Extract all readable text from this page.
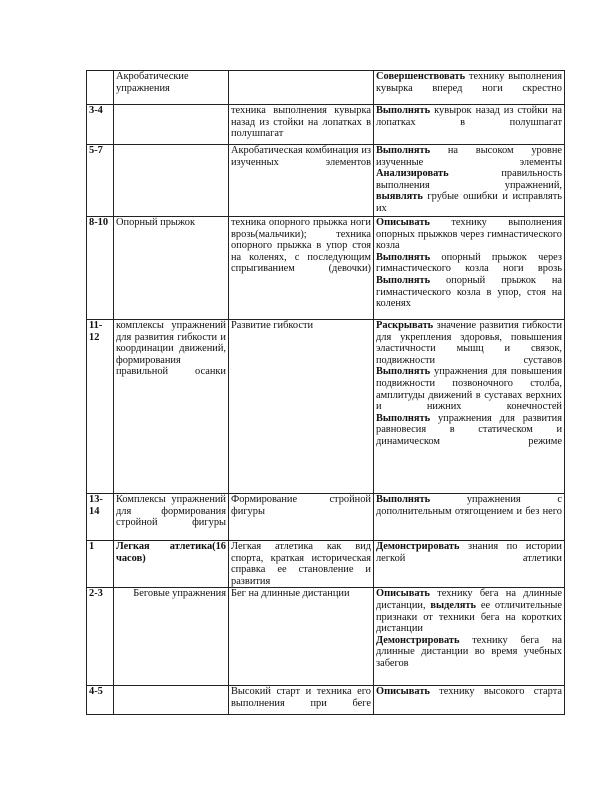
	Акробатические упражнения		Совершенствовать технику выполнения кувырка вперед ноги скрестно

3-4		техника выполнения кувырка назад из стойки на лопатках в полушпагат	Выполнять кувырок назад из стойки на лопатках в полушпагат

5-7		Акробатическая комбинация из изученных элементов	Выполнять на высоком уровне изученные элементы
Анализировать правильность выполнения упражнений,
выявлять грубые ошибки и исправлять их

8-10	Опорный прыжок	техника опорного прыжка ноги врозь(мальчики); техника опорного прыжка в упор стоя на коленях, с последующим спрыгиванием (девочки)	Описывать технику выполнения опорных прыжков через гимнастического козла
Выполнять опорный прыжок через гимнастического козла ноги врозь
Выполнять опорный прыжок на гимнастического козла в упор, стоя на коленях

11-12	комплексы упражнений для развития гибкости и координации движений, формирования правильной осанки	Развитие гибкости	Раскрывать значение развития гибкости для укрепления здоровья, повышения эластичности мышц и связок, подвижности суставов
Выполнять упражнения для повышения подвижности позвоночного столба, амплитуды движений в суставах верхних и нижних конечностей
Выполнять упражнения для развития равновесия в статическом и динамическом режиме

13-14	Комплексы упражнений для формирования стройной фигуры	Формирование стройной фигуры	Выполнять упражнения с дополнительным отягощением и без него

1	Легкая атлетика(16 часов)	Легкая атлетика как вид спорта, краткая историческая справка ее становление и развития	Демонстрировать знания по истории легкой атлетики

2-3	Беговые упражнения	Бег на длинные дистанции	Описывать технику бега на длинные дистанции, выделять ее отличительные признаки от техники бега на коротких дистанции
Демонстрировать технику бега на длинные дистанции во время учебных забегов

4-5		Высокий старт и техника его выполнения при беге	Описывать технику высокого старта
